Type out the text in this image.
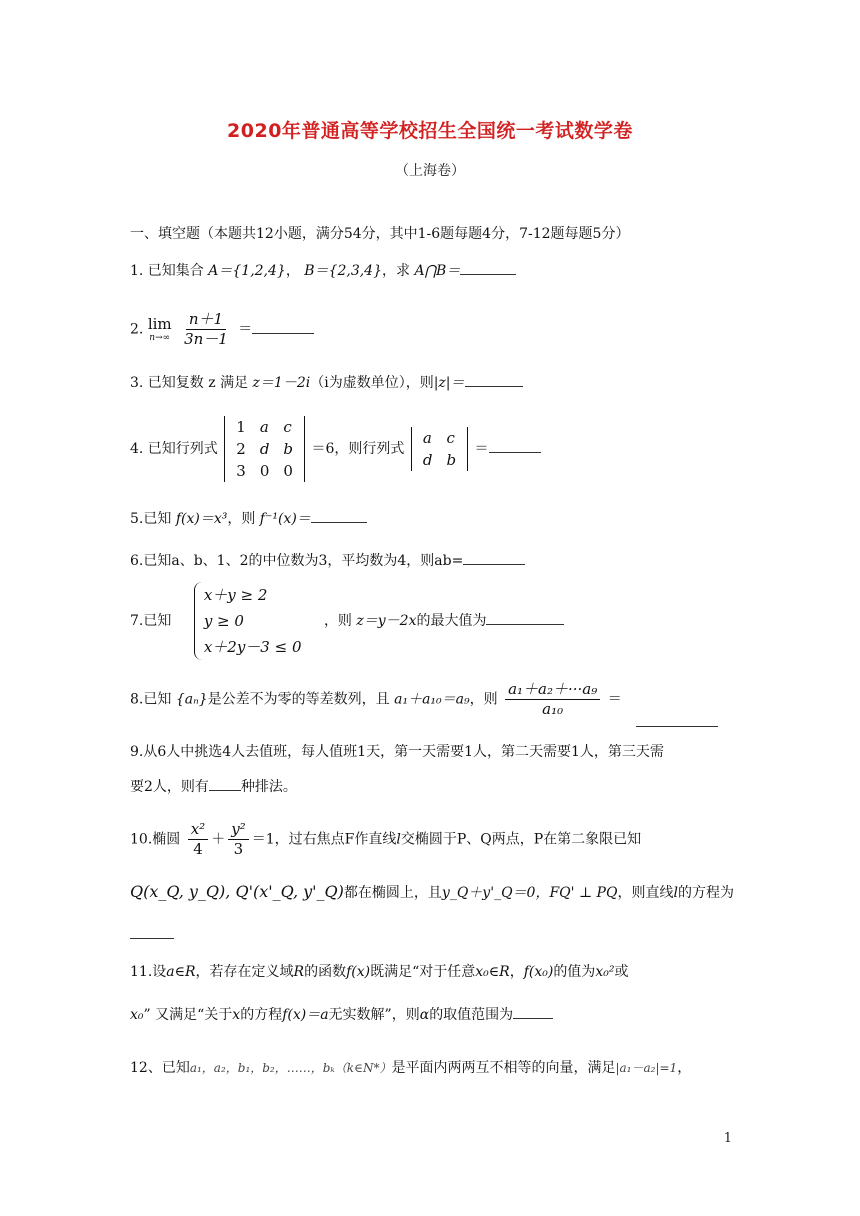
2020年普通高等学校招生全国统一考试数学卷
（上海卷）
一、填空题（本题共12小题，满分54分，其中1-6题每题4分，7-12题每题5分）
1. 已知集合 A＝{1,2,4}， B＝{2,3,4}，求 A⋂B＝
2. lim
n→∞
$\frac{n+1}{3n-1}$ ＝
3. 已知复数 z 满足 z＝1－2i（i为虚数单位），则|z|＝
4. 已知行列式
1	a	c
2	d	b
3	0	0
＝6，则行列式
a	c
d	b
＝
5.已知 f(x)＝x³，则 f⁻¹(x)＝
6.已知a、b、1、2的中位数为3，平均数为4，则ab=
7.已知
x＋y ≥ 2
y ≥ 0
x＋2y－3 ≤ 0
，则 z＝y－2x的最大值为
8.已知 {aₙ}是公差不为零的等差数列，且 a₁＋a₁₀＝a₉，则 $\frac{\text{a₁＋a₂＋···a₉}}{\text{a₁₀}}$ ＝
9.从6人中挑选4人去值班，每人值班1天，第一天需要1人，第二天需要1人，第三天需
要2人，则有 种排法。
10.椭圆 $\frac{\text{x²}}{4} + \frac{\text{y²}}{3} =1$，过右焦点F作直线l交椭圆于P、Q两点，P在第二象限已知
Q(x_Q, y_Q), Q'(x'_Q, y'_Q)都在椭圆上，且y_Q＋y'_Q＝0，FQ' ⊥ PQ，则直线l的方程为
11.设a∈R，若存在定义域R的函数f(x)既满足“对于任意x₀∈R，f(x₀)的值为x₀²或
x₀” 又满足“关于x的方程f(x)＝a无实数解”，则α的取值范围为
12、已知a₁，a₂，b₁，b₂，……，bₖ（k∈N*）是平面内两两互不相等的向量，满足|a₁－a₂|=1，
1
